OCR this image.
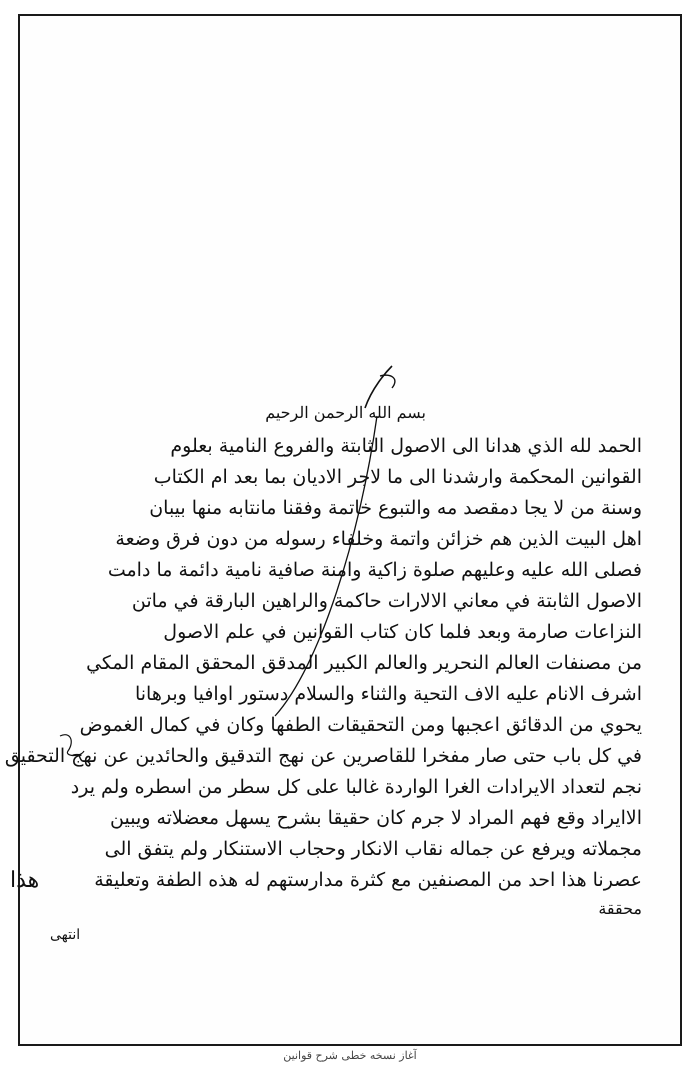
بسم الله الرحمن الرحيم
الحمد لله الذي هدانا الى الاصول الثابتة والفروع النامية بعلوم
القوانين المحكمة وارشدنا الى ما لاجر الاديان بما بعد ام الكتاب
وسنة من لا يجا دمقصد مه والتبوع خاتمة وفقنا مانتابه منها بيبان
اهل البيت الذين هم خزائن واتمة وخلفاء رسوله من دون فرق وضعة
فصلى الله عليه وعليهم صلوة زاكية وامنة صافية نامية دائمة ما دامت
الاصول الثابتة في معاني الالارات حاكمة والراهين البارقة في ماتن
النزاعات صارمة وبعد فلما كان كتاب القوانين في علم الاصول
من مصنفات العالم النحرير والعالم الكبير المدقق المحقق المقام المكي
اشرف الانام عليه الاف التحية والثناء والسلام دستور اوافيا وبرهانا
يحوي من الدقائق اعجبها ومن التحقيقات الطفها وكان في كمال الغموض
في كل باب حتى صار مفخرا للقاصرين عن نهج التدقيق والحائدين عن نهج التحقيق
نجم لتعداد الايرادات الغرا الواردة غالبا على كل سطر من اسطره ولم يرد
الاايراد وقع فهم المراد لا جرم كان حقيقا بشرح يسهل معضلاته ويبين
مجملاته ويرفع عن جماله نقاب الانكار وحجاب الاستنكار ولم يتفق الى
عصرنا هذا احد من المصنفين مع كثرة مدارستهم له هذه الطفة وتعليقة
محققة
انتهى
هذا
آغاز نسخه خطی شرح قوانین
